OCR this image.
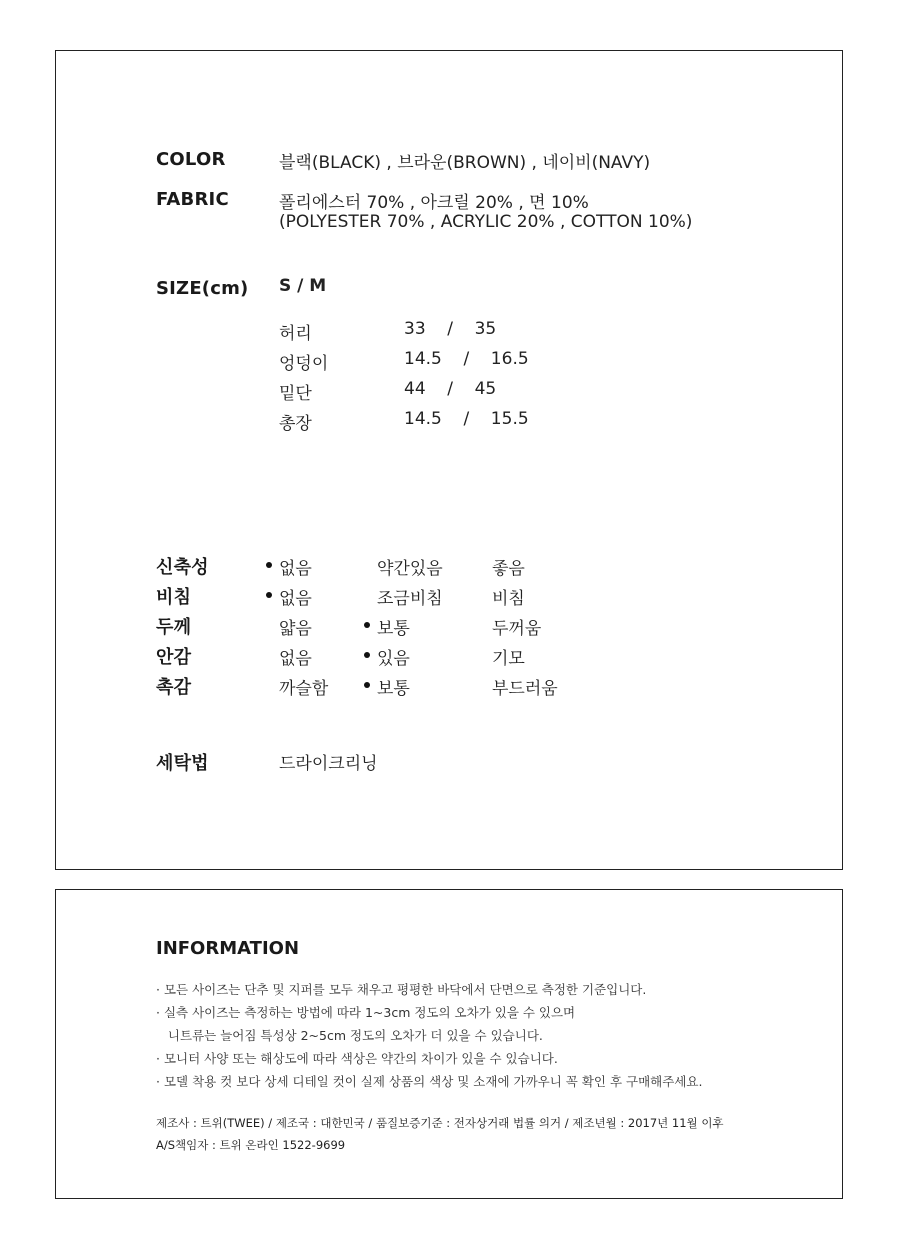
COLOR	블랙(BLACK) , 브라운(BROWN) , 네이비(NAVY)
FABRIC	폴리에스터 70% , 아크릴 20% , 면 10%
(POLYESTER 70% , ACRYLIC 20% , COTTON 10%)
SIZE(cm) S / M
허리	33    /    35
엉덩이	14.5    /    16.5
밑단	44    /    45
총장	14.5    /    15.5
신축성	없음	약간있음	좋음
비침	없음	조금비침	비침
두께	얇음	보통	두꺼움
안감	없음	있음	기모
촉감	까슬함	보통	부드러움
세탁법	드라이크리닝
INFORMATION
· 모든 사이즈는 단추 및 지퍼를 모두 채우고 평평한 바닥에서 단면으로 측정한 기준입니다.
· 실측 사이즈는 측정하는 방법에 따라 1~3cm 정도의 오차가 있을 수 있으며
니트류는 늘어짐 특성상 2~5cm 정도의 오차가 더 있을 수 있습니다.
· 모니터 사양 또는 해상도에 따라 색상은 약간의 차이가 있을 수 있습니다.
· 모델 착용 컷 보다 상세 디테일 컷이 실제 상품의 색상 및 소재에 가까우니 꼭 확인 후 구매해주세요.
제조사 : 트위(TWEE) / 제조국 : 대한민국 / 품질보증기준 : 전자상거래 법률 의거 / 제조년월 : 2017년 11월 이후
A/S책임자 : 트위 온라인 1522-9699
